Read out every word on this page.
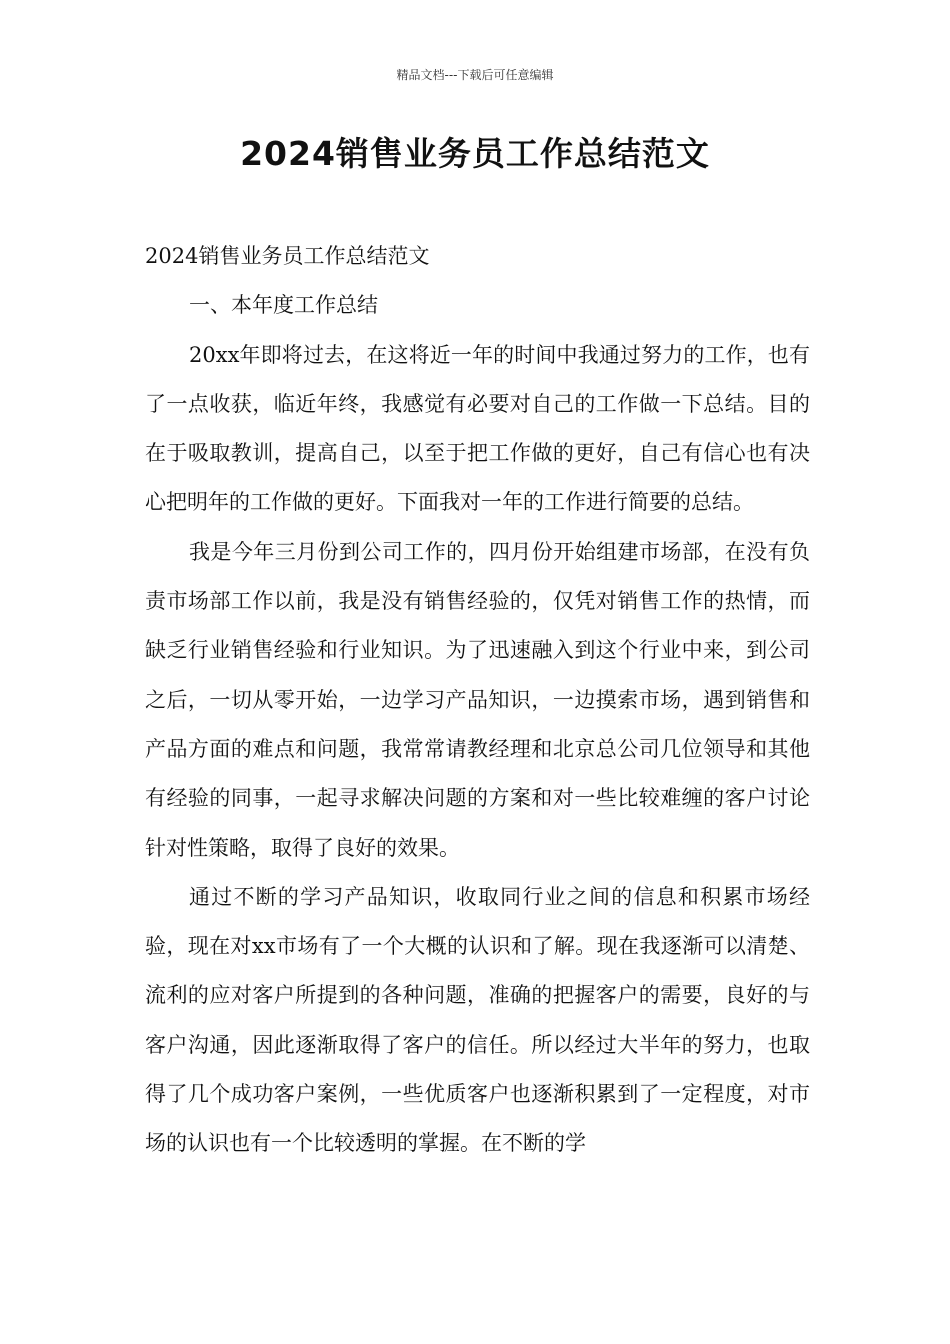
精品文档---下载后可任意编辑
2024销售业务员工作总结范文

2024销售业务员工作总结范文

一、本年度工作总结

20xx年即将过去，在这将近一年的时间中我通过努力的工作，也有了一点收获，临近年终，我感觉有必要对自己的工作做一下总结。目的在于吸取教训，提高自己，以至于把工作做的更好，自己有信心也有决心把明年的工作做的更好。下面我对一年的工作进行简要的总结。

我是今年三月份到公司工作的，四月份开始组建市场部，在没有负责市场部工作以前，我是没有销售经验的，仅凭对销售工作的热情，而缺乏行业销售经验和行业知识。为了迅速融入到这个行业中来，到公司之后，一切从零开始，一边学习产品知识，一边摸索市场，遇到销售和产品方面的难点和问题，我常常请教经理和北京总公司几位领导和其他有经验的同事，一起寻求解决问题的方案和对一些比较难缠的客户讨论针对性策略，取得了良好的效果。

通过不断的学习产品知识，收取同行业之间的信息和积累市场经验，现在对xx市场有了一个大概的认识和了解。现在我逐渐可以清楚、流利的应对客户所提到的各种问题，准确的把握客户的需要，良好的与客户沟通，因此逐渐取得了客户的信任。所以经过大半年的努力，也取得了几个成功客户案例，一些优质客户也逐渐积累到了一定程度，对市场的认识也有一个比较透明的掌握。在不断的学
